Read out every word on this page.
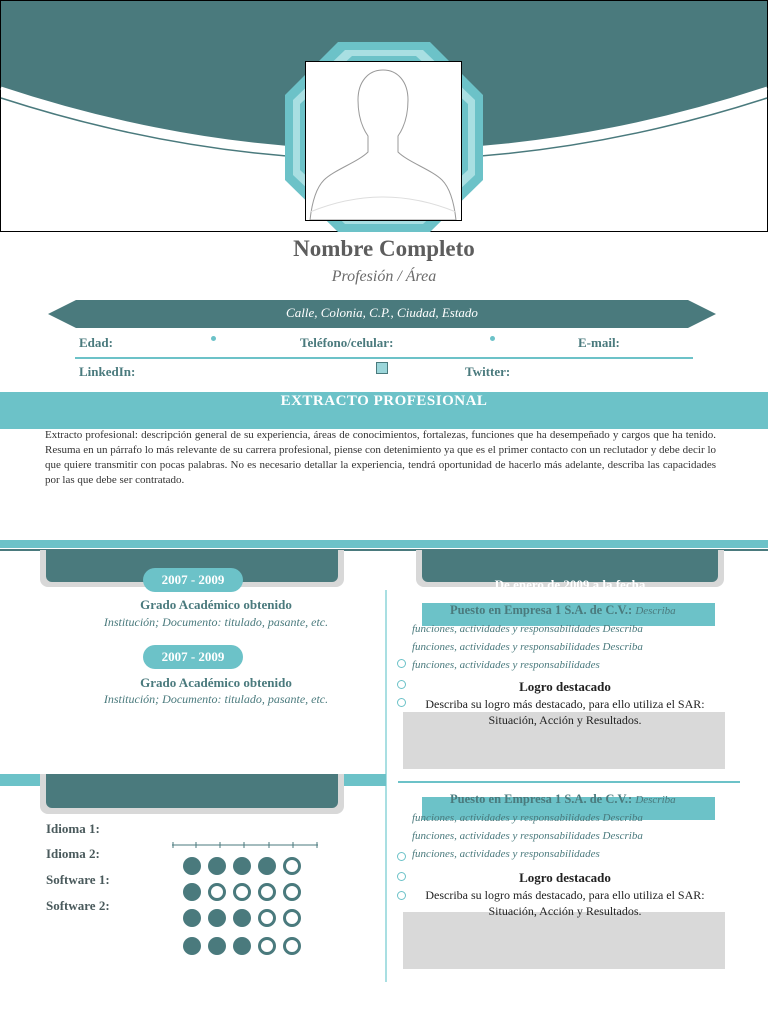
Nombre Completo
Profesión / Área
Calle, Colonia, C.P., Ciudad, Estado
Edad:	Teléfono/celular:	E-mail:
LinkedIn:	Twitter:
EXTRACTO PROFESIONAL
Extracto profesional: descripción general de su experiencia, áreas de conocimientos, fortalezas, funciones que ha desempeñado y cargos que ha tenido. Resuma en un párrafo lo más relevante de su carrera profesional, piense con detenimiento ya que es el primer contacto con un reclutador y debe decir lo que quiere transmitir con pocas palabras. No es necesario detallar la experiencia, tendrá oportunidad de hacerlo más adelante, describa las capacidades por las que debe ser contratado.
2007 - 2009
Grado Académico obtenido
Institución; Documento: titulado, pasante, etc.
2007 - 2009
Grado Académico obtenido
Institución; Documento: titulado, pasante, etc.
De enero de 2009 a la fecha
Puesto en Empresa 1 S.A. de C.V.: Describa
funciones, actividades y responsabilidades Describa
funciones, actividades y responsabilidades Describa
funciones, actividades y responsabilidades
Logro destacado
Describa su logro más destacado, para ello utiliza el SAR: Situación, Acción y Resultados.
Puesto en Empresa 1 S.A. de C.V.: Describa
funciones, actividades y responsabilidades Describa
funciones, actividades y responsabilidades Describa
funciones, actividades y responsabilidades
Logro destacado
Describa su logro más destacado, para ello utiliza el SAR: Situación, Acción y Resultados.
Idioma 1:
Idioma 2:
Software 1:
Software 2:
